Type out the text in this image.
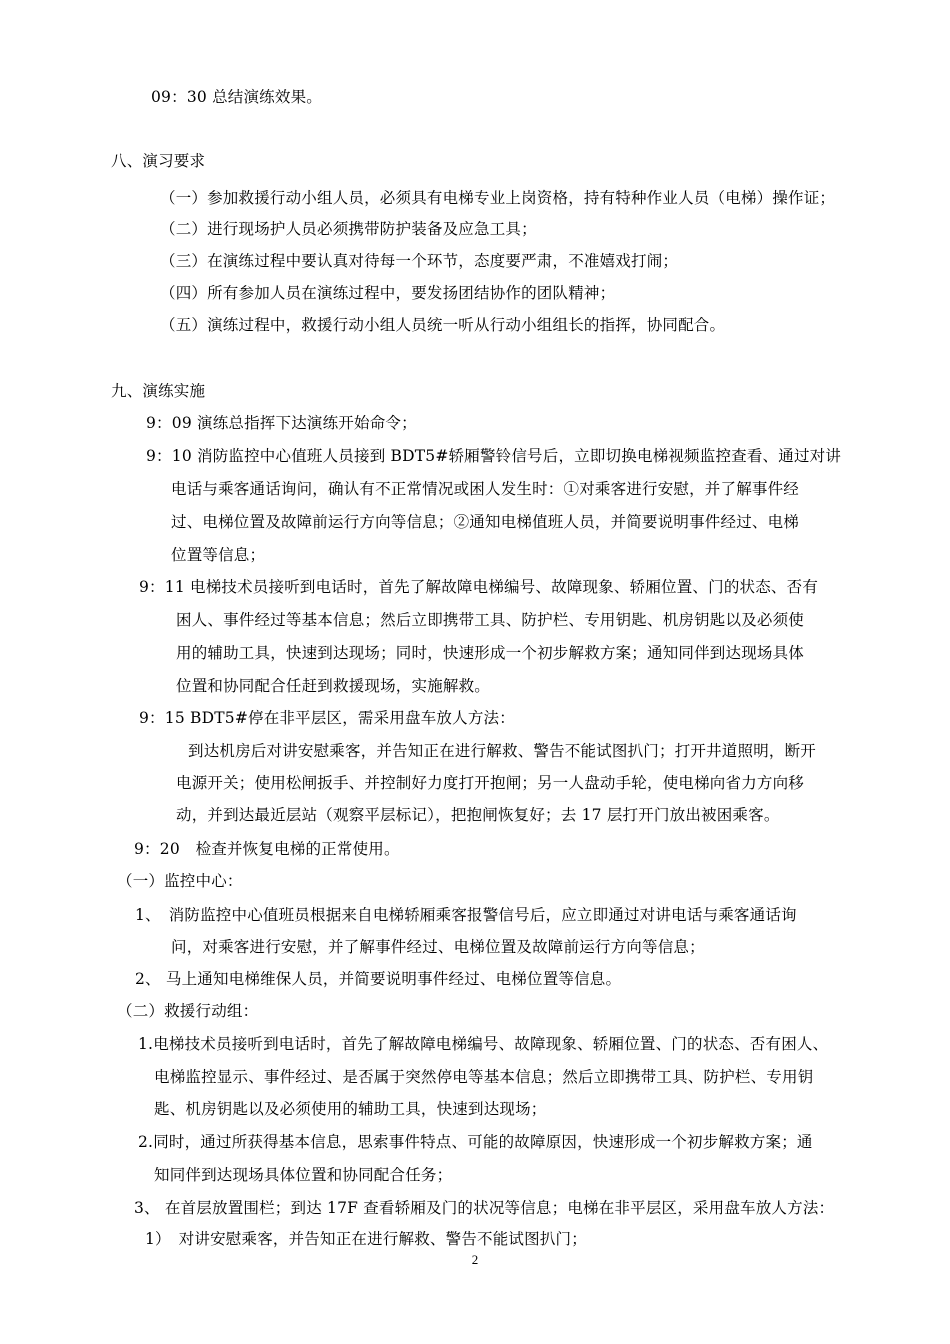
09：30 总结演练效果。
八、演习要求
（一）参加救援行动小组人员，必须具有电梯专业上岗资格，持有特种作业人员（电梯）操作证；
（二）进行现场护人员必须携带防护装备及应急工具；
（三）在演练过程中要认真对待每一个环节，态度要严肃，不准嬉戏打闹；
（四）所有参加人员在演练过程中，要发扬团结协作的团队精神；
（五）演练过程中，救援行动小组人员统一听从行动小组组长的指挥，协同配合。
九、演练实施
9：09 演练总指挥下达演练开始命令；
9：10 消防监控中心值班人员接到 BDT5#轿厢警铃信号后，立即切换电梯视频监控查看、通过对讲
电话与乘客通话询问，确认有不正常情况或困人发生时：①对乘客进行安慰，并了解事件经
过、电梯位置及故障前运行方向等信息；②通知电梯值班人员，并简要说明事件经过、电梯
位置等信息；
9：11 电梯技术员接听到电话时，首先了解故障电梯编号、故障现象、轿厢位置、门的状态、否有
困人、事件经过等基本信息；然后立即携带工具、防护栏、专用钥匙、机房钥匙以及必须使
用的辅助工具，快速到达现场；同时，快速形成一个初步解救方案；通知同伴到达现场具体
位置和协同配合任赶到救援现场，实施解救。
9：15 BDT5#停在非平层区，需采用盘车放人方法：
到达机房后对讲安慰乘客，并告知正在进行解救、警告不能试图扒门；打开井道照明，断开
电源开关；使用松闸扳手、并控制好力度打开抱闸；另一人盘动手轮，使电梯向省力方向移
动，并到达最近层站（观察平层标记），把抱闸恢复好；去 17 层打开门放出被困乘客。
9：20　检查并恢复电梯的正常使用。
（一）监控中心：
1、　消防监控中心值班员根据来自电梯轿厢乘客报警信号后，应立即通过对讲电话与乘客通话询
问，对乘客进行安慰，并了解事件经过、电梯位置及故障前运行方向等信息；
2、 马上通知电梯维保人员，并简要说明事件经过、电梯位置等信息。
（二）救援行动组：
1.电梯技术员接听到电话时，首先了解故障电梯编号、故障现象、轿厢位置、门的状态、否有困人、
电梯监控显示、事件经过、是否属于突然停电等基本信息；然后立即携带工具、防护栏、专用钥
匙、机房钥匙以及必须使用的辅助工具，快速到达现场；
2.同时，通过所获得基本信息，思索事件特点、可能的故障原因，快速形成一个初步解救方案；通
知同伴到达现场具体位置和协同配合任务；
3、 在首层放置围栏；到达 17F 查看轿厢及门的状况等信息；电梯在非平层区，采用盘车放人方法：
1）　对讲安慰乘客，并告知正在进行解救、警告不能试图扒门；
2
